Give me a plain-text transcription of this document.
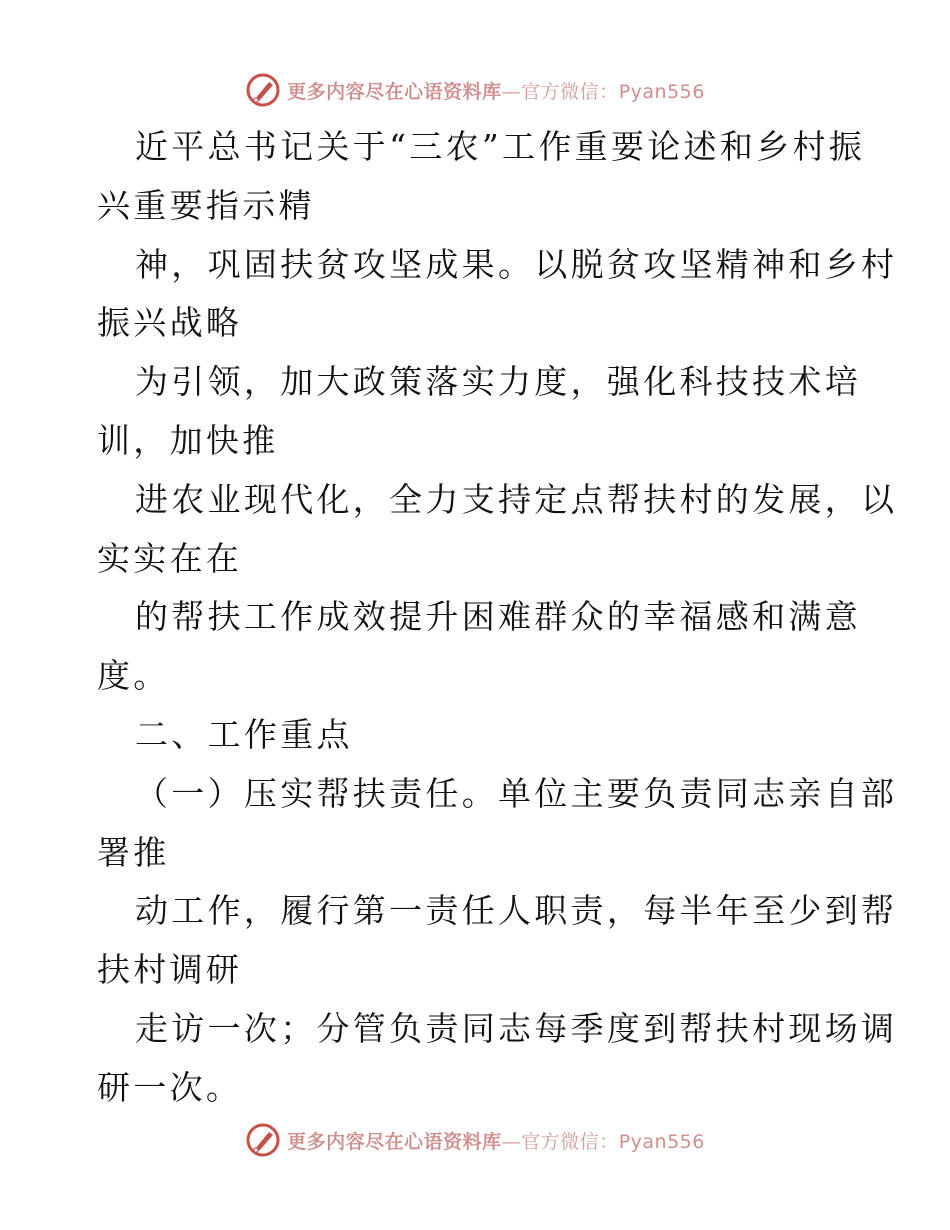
更多内容尽在心语资料库—官方微信：Pyan556
近平总书记关于“三农”工作重要论述和乡村振
兴重要指示精
神，巩固扶贫攻坚成果。以脱贫攻坚精神和乡村
振兴战略
为引领，加大政策落实力度，强化科技技术培
训，加快推
进农业现代化，全力支持定点帮扶村的发展，以
实实在在
的帮扶工作成效提升困难群众的幸福感和满意
度。
二、工作重点
（一）压实帮扶责任。单位主要负责同志亲自部
署推
动工作，履行第一责任人职责，每半年至少到帮
扶村调研
走访一次；分管负责同志每季度到帮扶村现场调
研一次。
更多内容尽在心语资料库—官方微信：Pyan556
